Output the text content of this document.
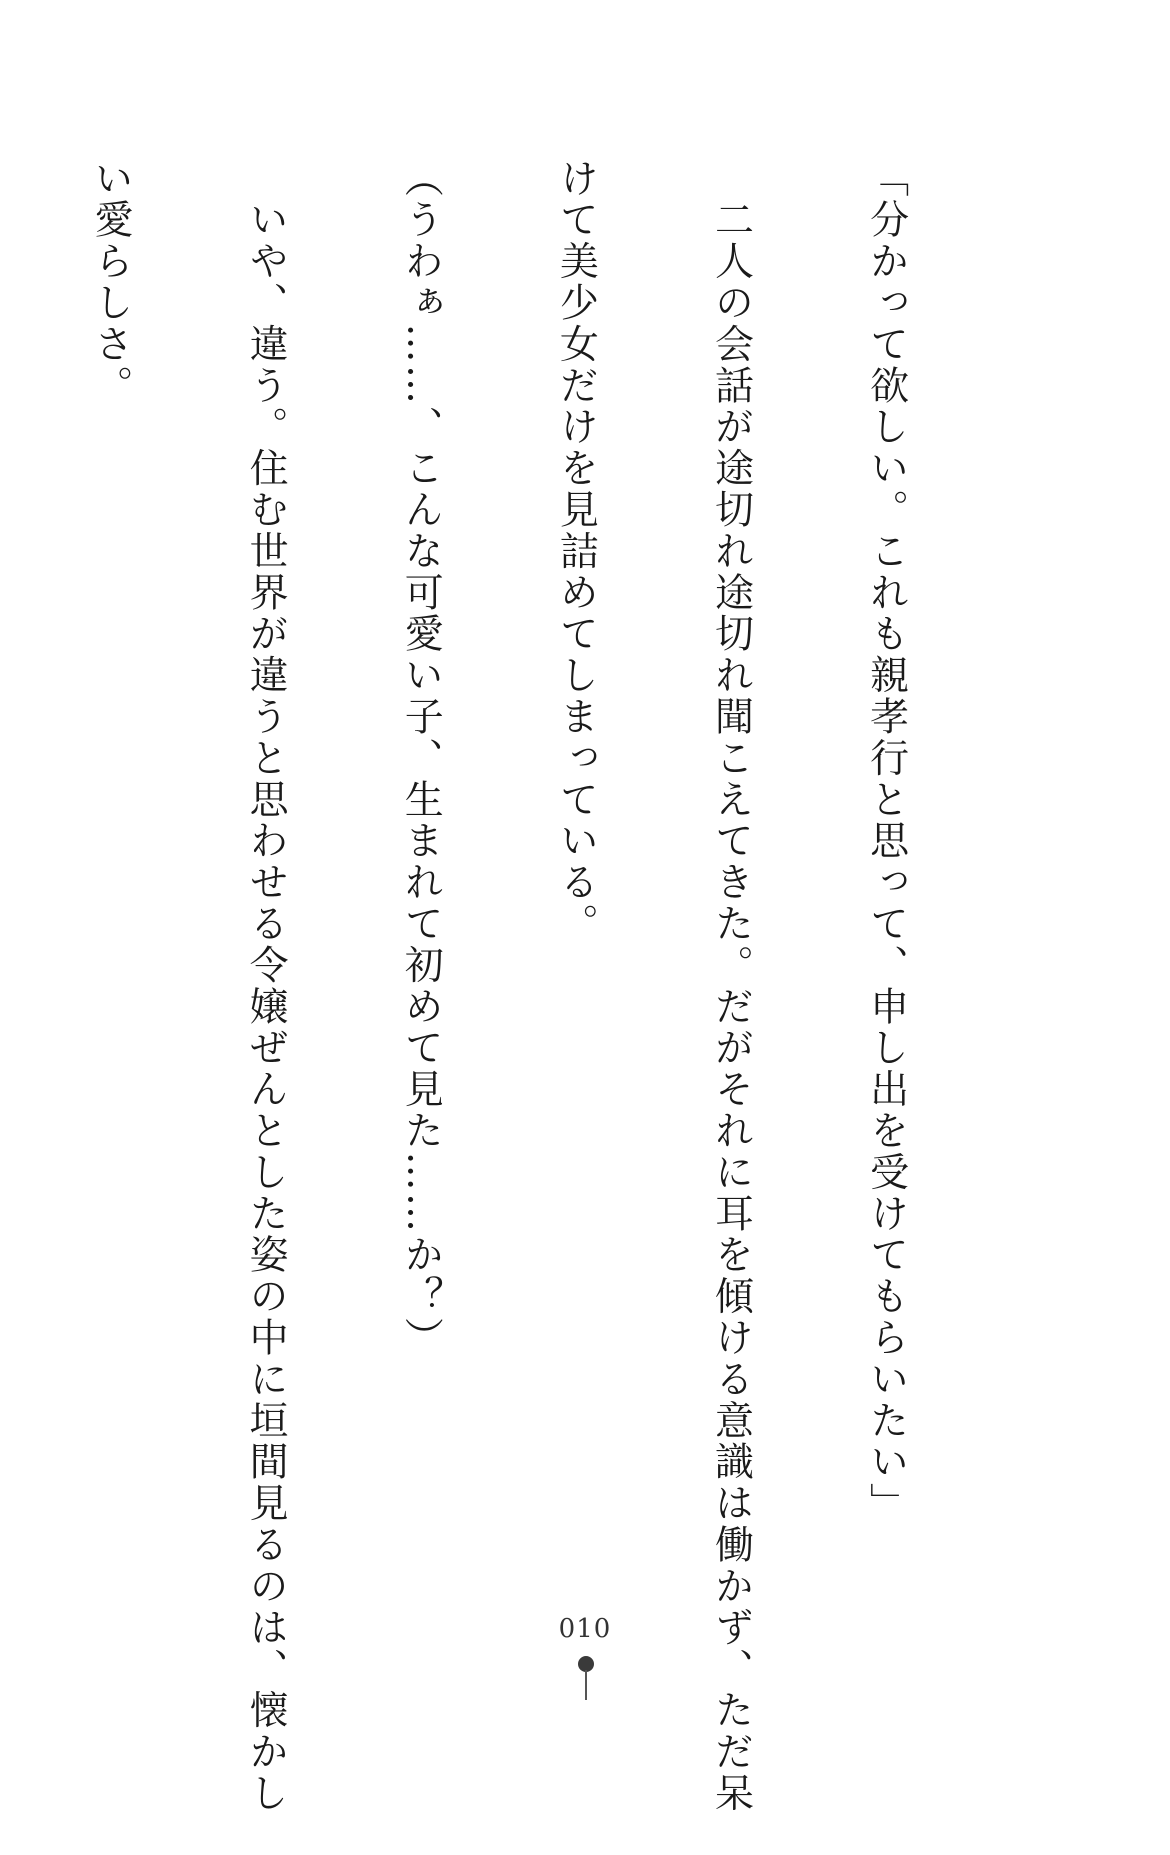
「分かって欲しい。これも親孝行と思って、申し出を受けてもらいたい」

　二人の会話が途切れ途切れ聞こえてきた。だがそれに耳を傾ける意識は働かず、ただ呆

けて美少女だけを見詰めてしまっている。

（うわぁ……、こんな可愛い子、生まれて初めて見た……か？）

　いや、違う。住む世界が違うと思わせる令嬢ぜんとした姿の中に垣間見るのは、懐かし

い愛らしさ。

010
